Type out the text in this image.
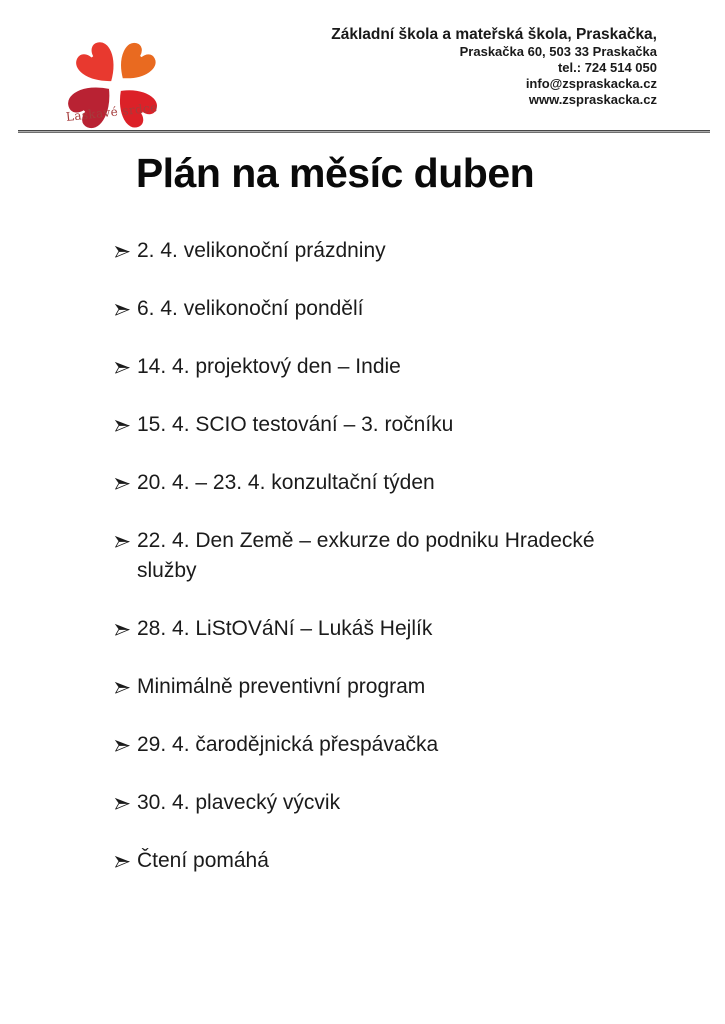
Laskavé srdce
Základní škola a mateřská škola, Praskačka,
Praskačka 60, 503 33 Praskačka
tel.: 724 514 050
info@zspraskacka.cz
www.zspraskacka.cz
Plán na měsíc duben
2. 4. velikonoční prázdniny
6. 4. velikonoční pondělí
14. 4. projektový den – Indie
15. 4. SCIO testování – 3. ročníku
20. 4. – 23. 4. konzultační týden
22. 4. Den Země – exkurze do podniku Hradecké služby
28. 4. LiStOVáNí – Lukáš Hejlík
Minimálně preventivní program
29. 4. čarodějnická přespávačka
30. 4. plavecký výcvik
Čtení pomáhá
